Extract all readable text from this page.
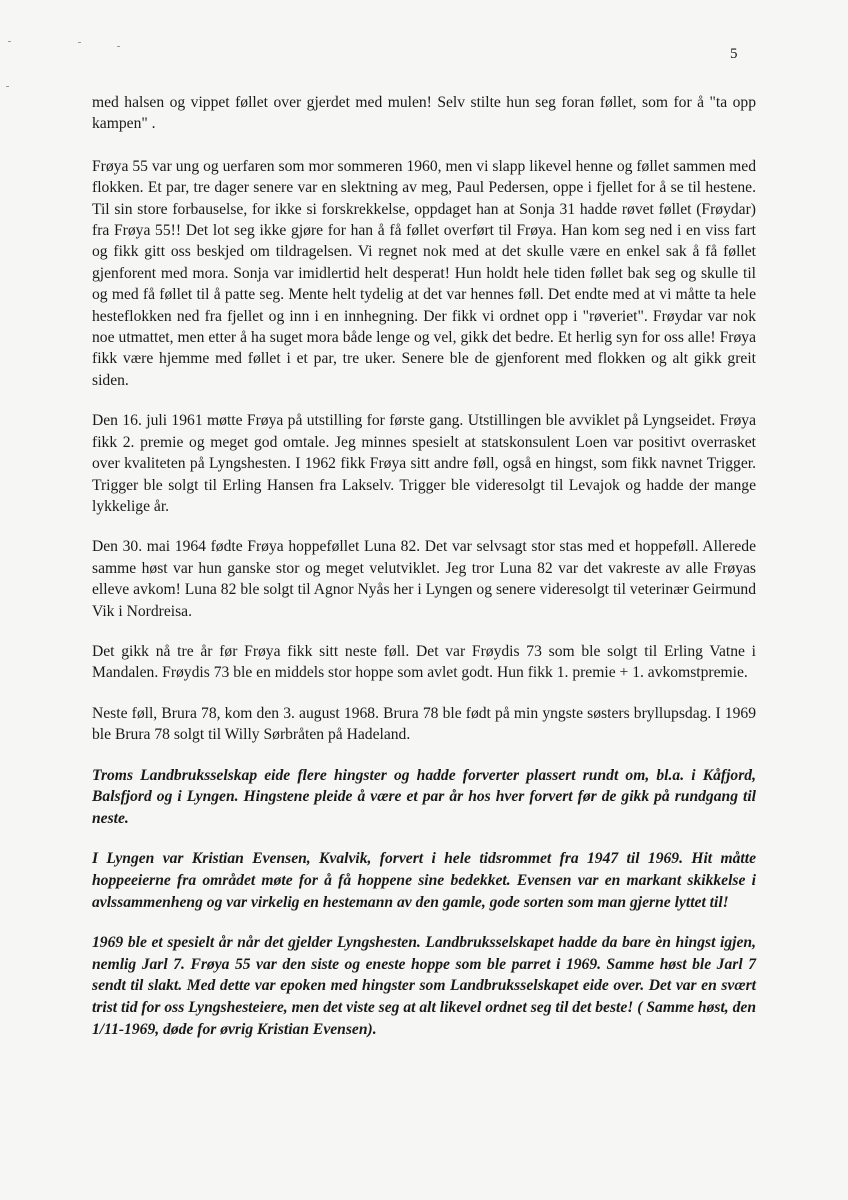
5

med halsen og vippet føllet over gjerdet med mulen! Selv stilte hun seg foran føllet, som for å "ta opp kampen" .

Frøya 55 var ung og uerfaren som mor sommeren 1960, men vi slapp likevel henne og føllet sammen med flokken. Et par, tre dager senere var en slektning av meg, Paul Pedersen, oppe i fjellet for å se til hestene. Til sin store forbauselse, for ikke si forskrekkelse, oppdaget han at Sonja 31 hadde røvet føllet (Frøydar) fra Frøya 55!! Det lot seg ikke gjøre for han å få føllet overført til Frøya. Han kom seg ned i en viss fart og fikk gitt oss beskjed om tildragelsen. Vi regnet nok med at det skulle være en enkel sak å få føllet gjenforent med mora. Sonja var imidlertid helt desperat! Hun holdt hele tiden føllet bak seg og skulle til og med få føllet til å patte seg. Mente helt tydelig at det var hennes føll. Det endte med at vi måtte ta hele hesteflokken ned fra fjellet og inn i en innhegning. Der fikk vi ordnet opp i "røveriet". Frøydar var nok noe utmattet, men etter å ha suget mora både lenge og vel, gikk det bedre. Et herlig syn for oss alle! Frøya fikk være hjemme med føllet i et par, tre uker. Senere ble de gjenforent med flokken og alt gikk greit siden.

Den 16. juli 1961 møtte Frøya på utstilling for første gang. Utstillingen ble avviklet på Lyngseidet. Frøya fikk 2. premie og meget god omtale. Jeg minnes spesielt at statskonsulent Loen var positivt overrasket over kvaliteten på Lyngshesten. I 1962 fikk Frøya sitt andre føll, også en hingst, som fikk navnet Trigger. Trigger ble solgt til Erling Hansen fra Lakselv. Trigger ble videresolgt til Levajok og hadde der mange lykkelige år.

Den 30. mai 1964 fødte Frøya hoppeføllet Luna 82. Det var selvsagt stor stas med et hoppeføll. Allerede samme høst var hun ganske stor og meget velutviklet. Jeg tror Luna 82 var det vakreste av alle Frøyas elleve avkom! Luna 82 ble solgt til Agnor Nyås her i Lyngen og senere videresolgt til veterinær Geirmund Vik i Nordreisa.

Det gikk nå tre år før Frøya fikk sitt neste føll. Det var Frøydis 73 som ble solgt til Erling Vatne i Mandalen. Frøydis 73 ble en middels stor hoppe som avlet godt. Hun fikk 1. premie + 1. avkomstpremie.

Neste føll, Brura 78, kom den 3. august 1968. Brura 78 ble født på min yngste søsters bryllupsdag. I 1969 ble Brura 78 solgt til Willy Sørbråten på Hadeland.

Troms Landbruksselskap eide flere hingster og hadde forverter plassert rundt om, bl.a. i Kåfjord, Balsfjord og i Lyngen. Hingstene pleide å være et par år hos hver forvert før de gikk på rundgang til neste.

I Lyngen var Kristian Evensen, Kvalvik, forvert i hele tidsrommet fra 1947 til 1969. Hit måtte hoppeeierne fra området møte for å få hoppene sine bedekket. Evensen var en markant skikkelse i avlssammenheng og var virkelig en hestemann av den gamle, gode sorten som man gjerne lyttet til!

1969 ble et spesielt år når det gjelder Lyngshesten. Landbruksselskapet hadde da bare èn hingst igjen, nemlig Jarl 7. Frøya 55 var den siste og eneste hoppe som ble parret i 1969. Samme høst ble Jarl 7 sendt til slakt. Med dette var epoken med hingster som Landbruksselskapet eide over. Det var en svært trist tid for oss Lyngshesteiere, men det viste seg at alt likevel ordnet seg til det beste! ( Samme høst, den 1/11-1969, døde for øvrig Kristian Evensen).
